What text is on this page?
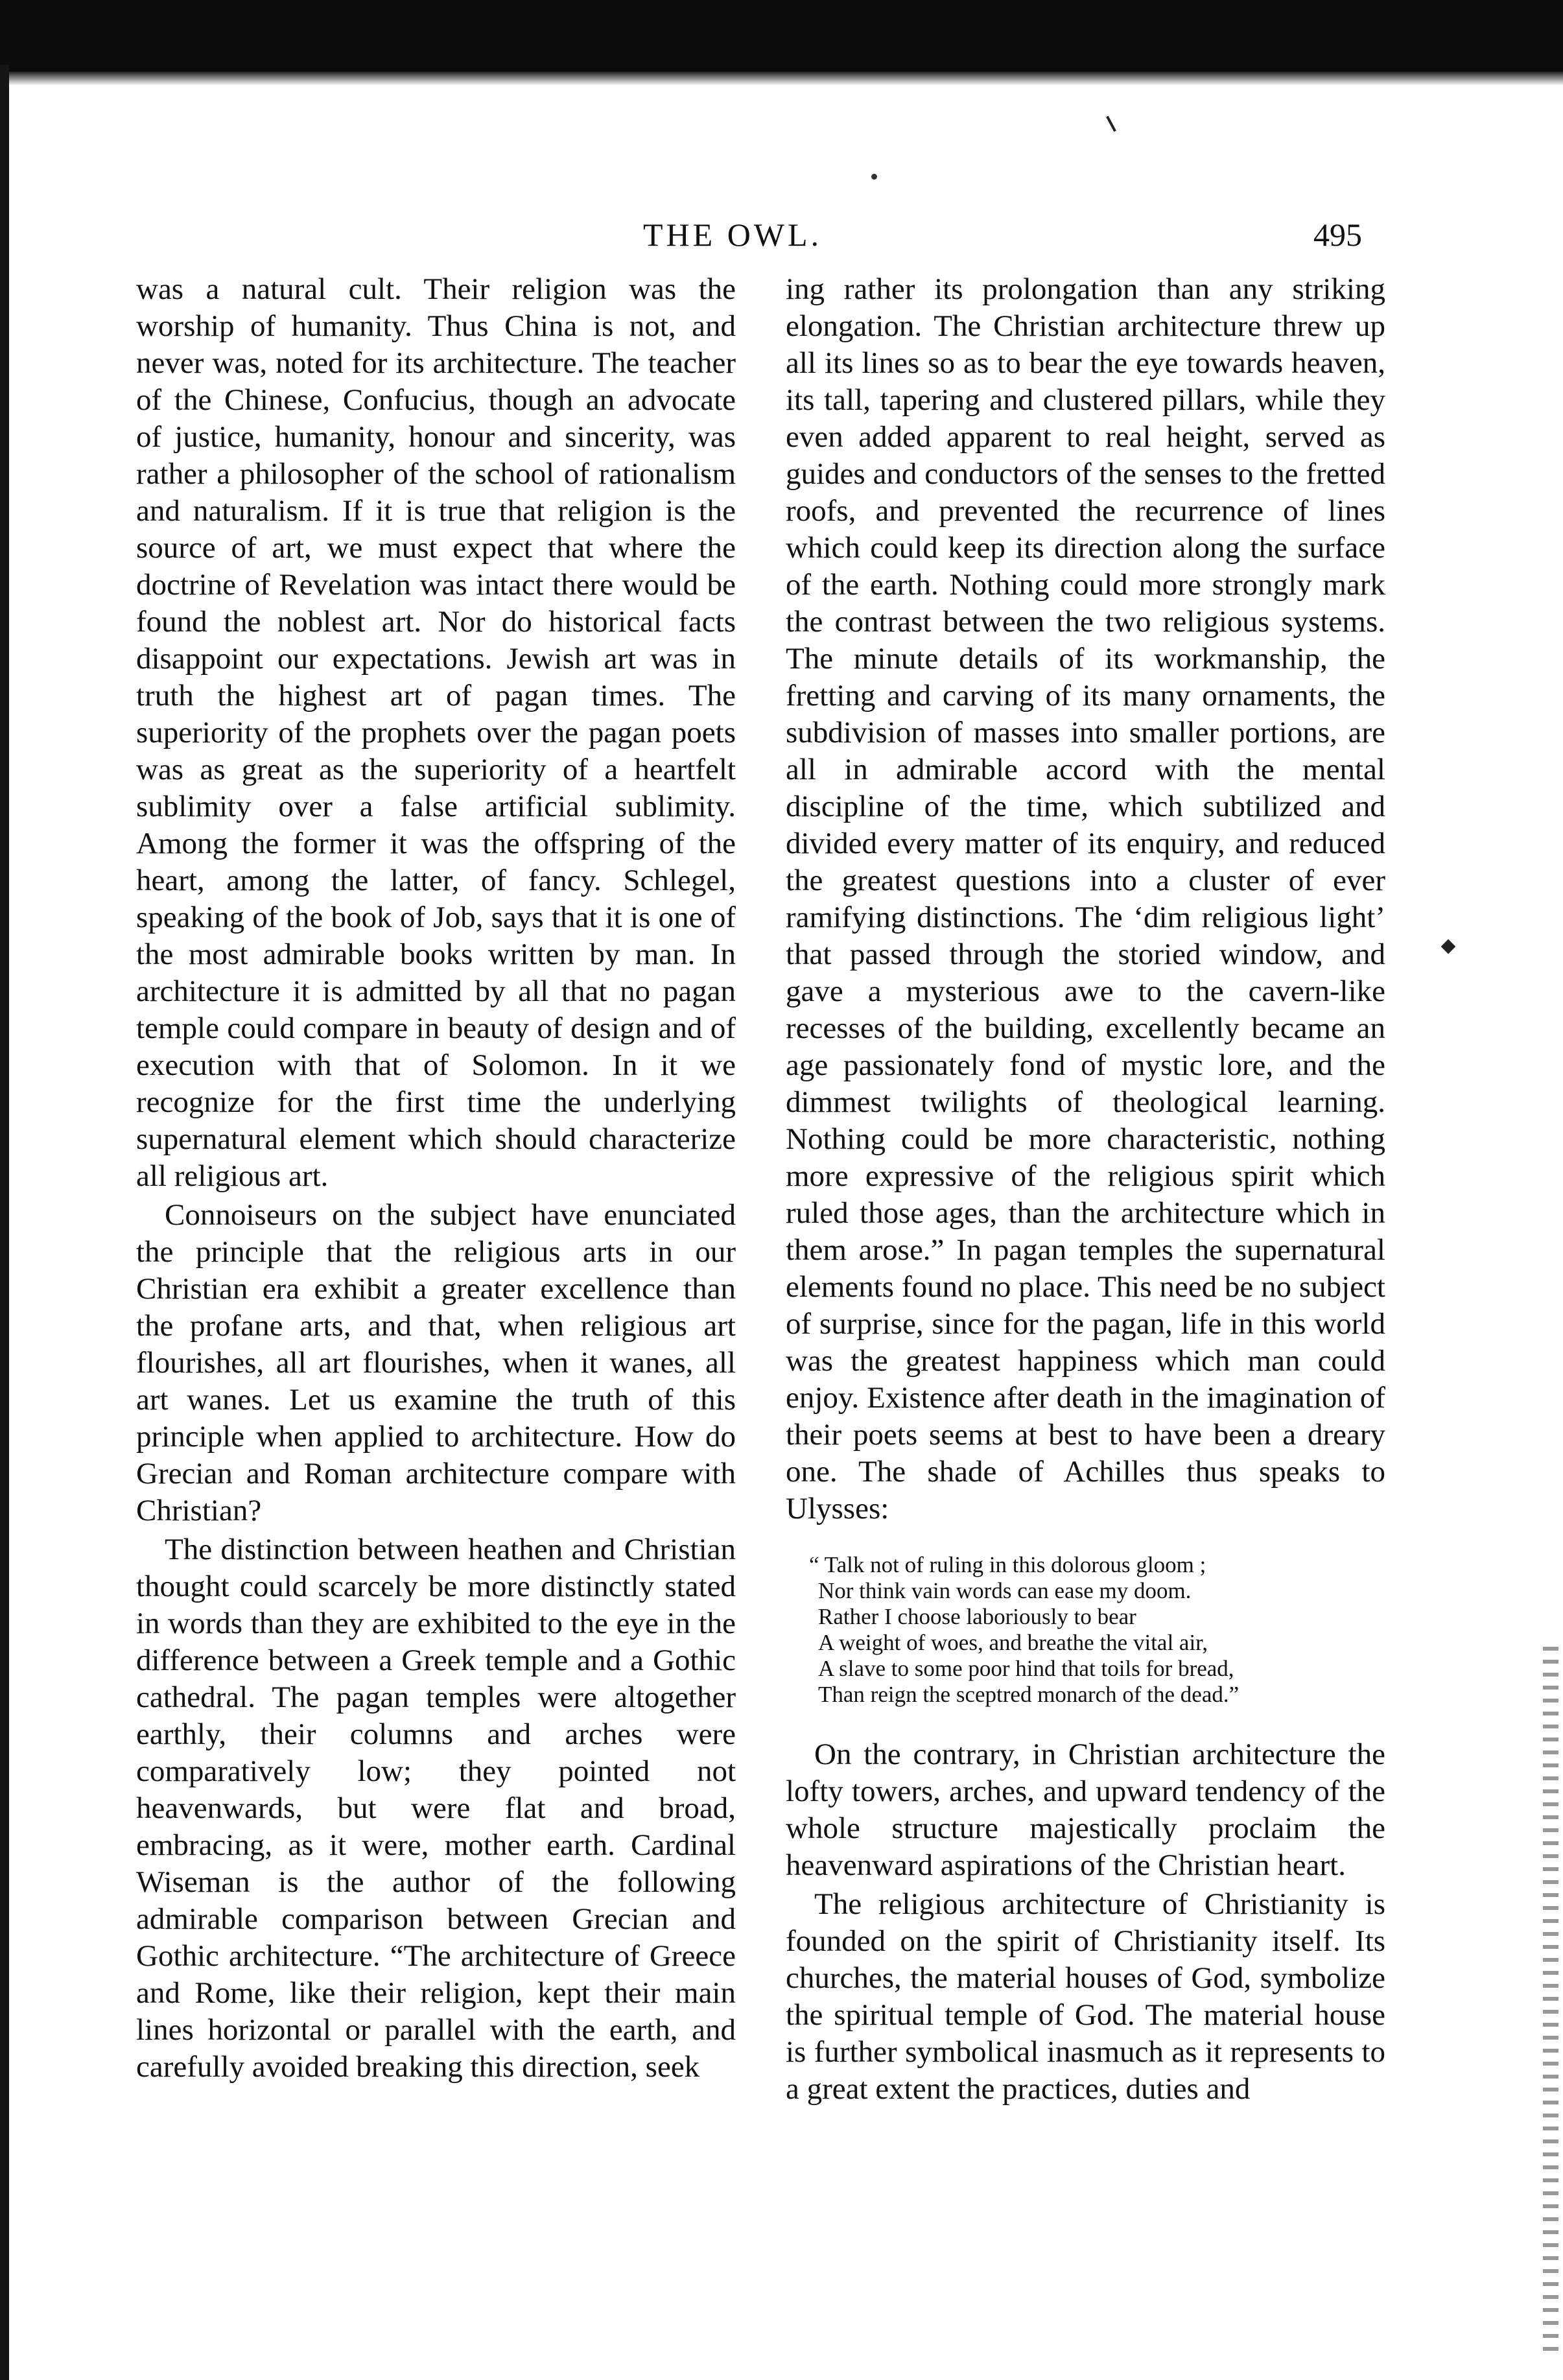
THE OWL.	495

was a natural cult. Their religion was the worship of humanity. Thus China is not, and never was, noted for its architecture. The teacher of the Chinese, Confucius, though an advocate of justice, humanity, honour and sincerity, was rather a philosopher of the school of rationalism and naturalism. If it is true that religion is the source of art, we must expect that where the doctrine of Revelation was intact there would be found the noblest art. Nor do historical facts disappoint our expectations. Jewish art was in truth the highest art of pagan times. The superiority of the prophets over the pagan poets was as great as the superiority of a heartfelt sublimity over a false artificial sublimity. Among the former it was the offspring of the heart, among the latter, of fancy. Schlegel, speaking of the book of Job, says that it is one of the most admirable books written by man. In architecture it is admitted by all that no pagan temple could compare in beauty of design and of execution with that of Solomon. In it we recognize for the first time the underlying supernatural element which should characterize all religious art.

Connoiseurs on the subject have enunciated the principle that the religious arts in our Christian era exhibit a greater excellence than the profane arts, and that, when religious art flourishes, all art flourishes, when it wanes, all art wanes. Let us examine the truth of this principle when applied to architecture. How do Grecian and Roman architecture compare with Christian?

The distinction between heathen and Christian thought could scarcely be more distinctly stated in words than they are exhibited to the eye in the difference between a Greek temple and a Gothic cathedral. The pagan temples were altogether earthly, their columns and arches were comparatively low; they pointed not heavenwards, but were flat and broad, embracing, as it were, mother earth. Cardinal Wiseman is the author of the following admirable comparison between Grecian and Gothic architecture. “The architecture of Greece and Rome, like their religion, kept their main lines horizontal or parallel with the earth, and carefully avoided breaking this direction, seek

ing rather its prolongation than any striking elongation. The Christian architecture threw up all its lines so as to bear the eye towards heaven, its tall, tapering and clustered pillars, while they even added apparent to real height, served as guides and conductors of the senses to the fretted roofs, and prevented the recurrence of lines which could keep its direction along the surface of the earth. Nothing could more strongly mark the contrast between the two religious systems. The minute details of its workmanship, the fretting and carving of its many ornaments, the subdivision of masses into smaller portions, are all in admirable accord with the mental discipline of the time, which subtilized and divided every matter of its enquiry, and reduced the greatest questions into a cluster of ever ramifying distinctions. The ‘dim religious light’ that passed through the storied window, and gave a mysterious awe to the cavern-like recesses of the building, excellently became an age passionately fond of mystic lore, and the dimmest twilights of theological learning. Nothing could be more characteristic, nothing more expressive of the religious spirit which ruled those ages, than the architecture which in them arose.” In pagan temples the supernatural elements found no place. This need be no subject of surprise, since for the pagan, life in this world was the greatest happiness which man could enjoy. Existence after death in the imagination of their poets seems at best to have been a dreary one. The shade of Achilles thus speaks to Ulysses:

“ Talk not of ruling in this dolorous gloom ;
Nor think vain words can ease my doom.
Rather I choose laboriously to bear
A weight of woes, and breathe the vital air,
A slave to some poor hind that toils for bread,
Than reign the sceptred monarch of the dead.”

On the contrary, in Christian architecture the lofty towers, arches, and upward tendency of the whole structure majestically proclaim the heavenward aspirations of the Christian heart.

The religious architecture of Christianity is founded on the spirit of Christianity itself. Its churches, the material houses of God, symbolize the spiritual temple of God. The material house is further symbolical inasmuch as it represents to a great extent the practices, duties and
